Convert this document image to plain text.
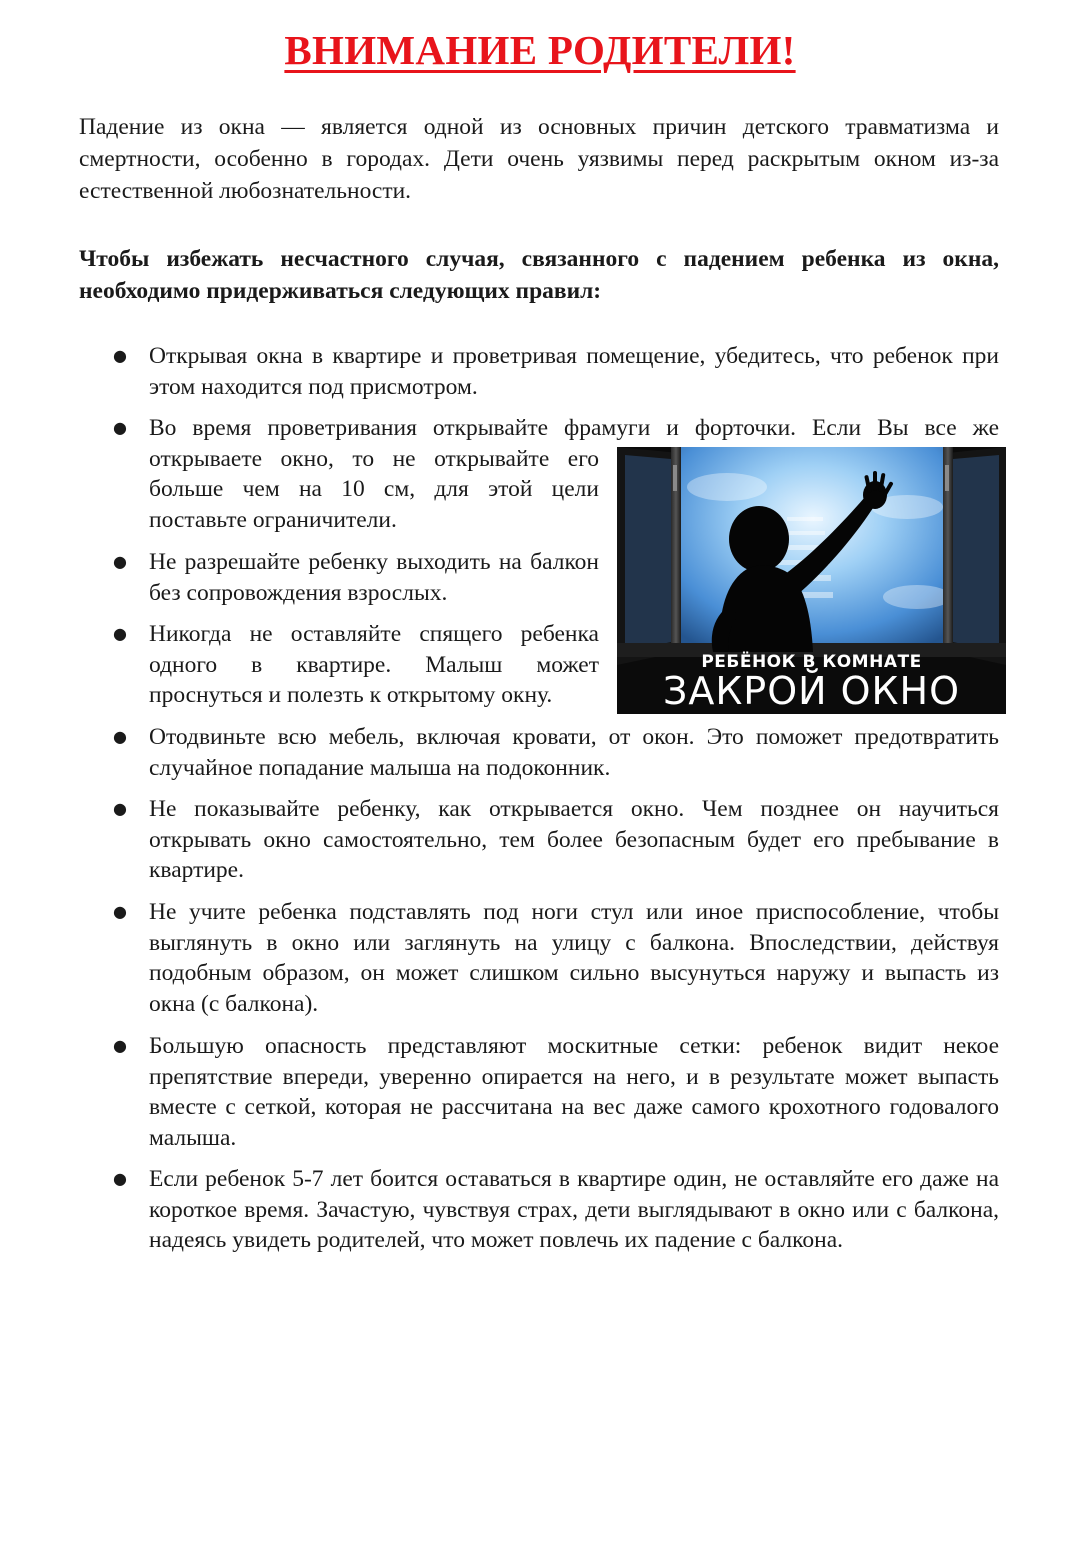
ВНИМАНИЕ РОДИТЕЛИ!

Падение из окна — является одной из основных причин детского травматизма и смертности, особенно в городах. Дети очень уязвимы перед раскрытым окном из-за естественной любознательности.

Чтобы избежать несчастного случая, связанного с падением ребенка из окна, необходимо придерживаться следующих правил:

● Открывая окна в квартире и проветривая помещение, убедитесь, что ребенок при этом находится под присмотром.
● Во время проветривания открывайте фрамуги и форточки. Если Вы все же
открываете окно, то не открывайте его больше чем на 10 см, для этой цели поставьте ограничители.
● Не разрешайте ребенку выходить на балкон без сопровождения взрослых.
● Никогда не оставляйте спящего ребенка одного в квартире. Малыш может проснуться и полезть к открытому окну.
● Отодвиньте всю мебель, включая кровати, от окон. Это поможет предотвратить случайное попадание малыша на подоконник.
● Не показывайте ребенку, как открывается окно. Чем позднее он научиться открывать окно самостоятельно, тем более безопасным будет его пребывание в квартире.
● Не учите ребенка подставлять под ноги стул или иное приспособление, чтобы выглянуть в окно или заглянуть на улицу с балкона. Впоследствии, действуя подобным образом, он может слишком сильно высунуться наружу и выпасть из окна (с балкона).
● Большую опасность представляют москитные сетки: ребенок видит некое препятствие впереди, уверенно опирается на него, и в результате может выпасть вместе с сеткой, которая не рассчитана на вес даже самого крохотного годовалого малыша.
● Если ребенок 5-7 лет боится оставаться в квартире один, не оставляйте его даже на короткое время. Зачастую, чувствуя страх, дети выглядывают в окно или с балкона, надеясь увидеть родителей, что может повлечь их падение с балкона.
РЕБЁНОК В КОМНАТЕ
ЗАКРОЙ ОКНО
